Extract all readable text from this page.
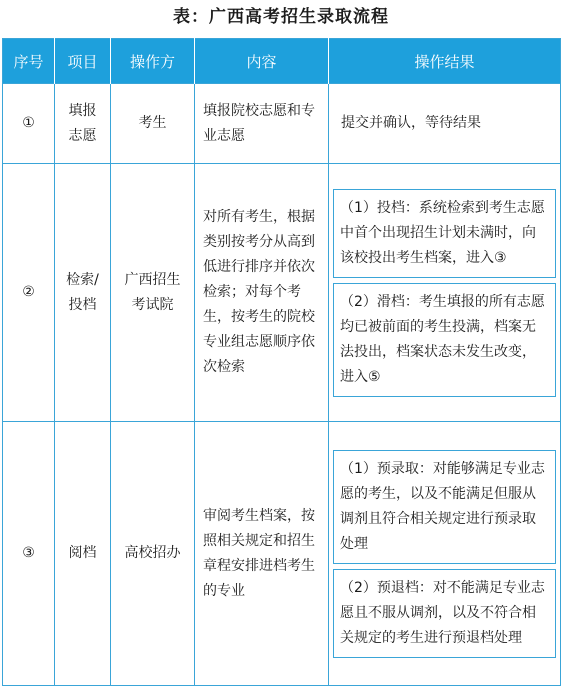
表：广西高考招生录取流程
序号	项目	操作方	内容	操作结果
①	填报志愿	考生	填报院校志愿和专业志愿	提交并确认，等待结果
②	检索/投档	广西招生考试院	对所有考生，根据类别按考分从高到低进行排序并依次检索；对每个考生，按考生的院校专业组志愿顺序依次检索	（1）投档：系统检索到考生志愿中首个出现招生计划未满时，向该校投出考生档案，进入③
（2）滑档：考生填报的所有志愿均已被前面的考生投满，档案无法投出，档案状态未发生改变，进入⑤

③	阅档	高校招办	审阅考生档案，按照相关规定和招生章程安排进档考生的专业	（1）预录取：对能够满足专业志愿的考生，以及不能满足但服从调剂且符合相关规定进行预录取处理
（2）预退档：对不能满足专业志愿且不服从调剂，以及不符合相关规定的考生进行预退档处理
